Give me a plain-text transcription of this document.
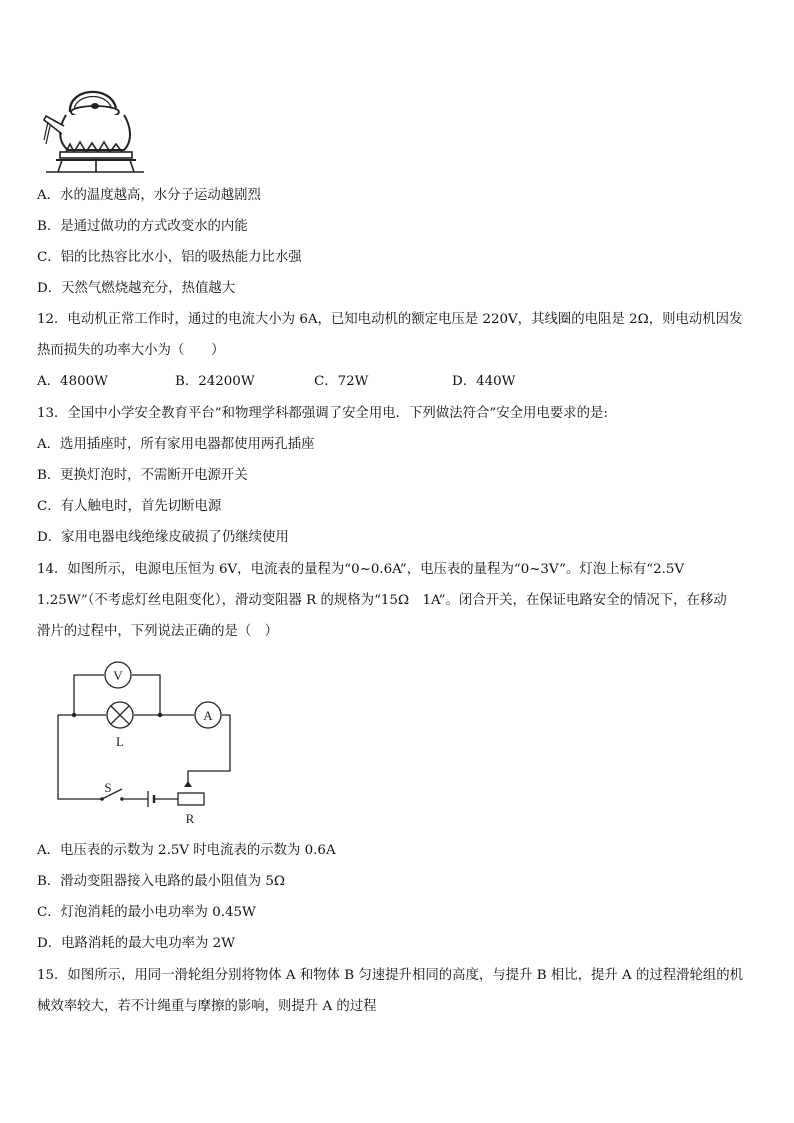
A．水的温度越高，水分子运动越剧烈
B．是通过做功的方式改变水的内能
C．铝的比热容比水小，铝的吸热能力比水强
D．天然气燃烧越充分，热值越大
12．电动机正常工作时，通过的电流大小为 6A，已知电动机的额定电压是 220V，其线圈的电阻是 2Ω，则电动机因发
热而损失的功率大小为（　　）
A．4800W	B．24200W	C．72W	D．440W
13．全国中小学安全教育平台”和物理学科都强调了安全用电．下列做法符合”安全用电要求的是:
A．选用插座时，所有家用电器都使用两孔插座
B．更换灯泡时，不需断开电源开关
C．有人触电时，首先切断电源
D．家用电器电线绝缘皮破损了仍继续使用
14．如图所示，电源电压恒为 6V，电流表的量程为“0~0.6A”，电压表的量程为“0~3V”。灯泡上标有“2.5V
1.25W”（不考虑灯丝电阻变化），滑动变阻器 R 的规格为“15Ω　1A”。闭合开关，在保证电路安全的情况下，在移动
滑片的过程中，下列说法正确的是（　）
V
L
A
S
R
A．电压表的示数为 2.5V 时电流表的示数为 0.6A
B．滑动变阻器接入电路的最小阻值为 5Ω
C．灯泡消耗的最小电功率为 0.45W
D．电路消耗的最大电功率为 2W
15．如图所示，用同一滑轮组分别将物体 A 和物体 B 匀速提升相同的高度，与提升 B 相比，提升 A 的过程滑轮组的机
械效率较大，若不计绳重与摩擦的影响，则提升 A 的过程
